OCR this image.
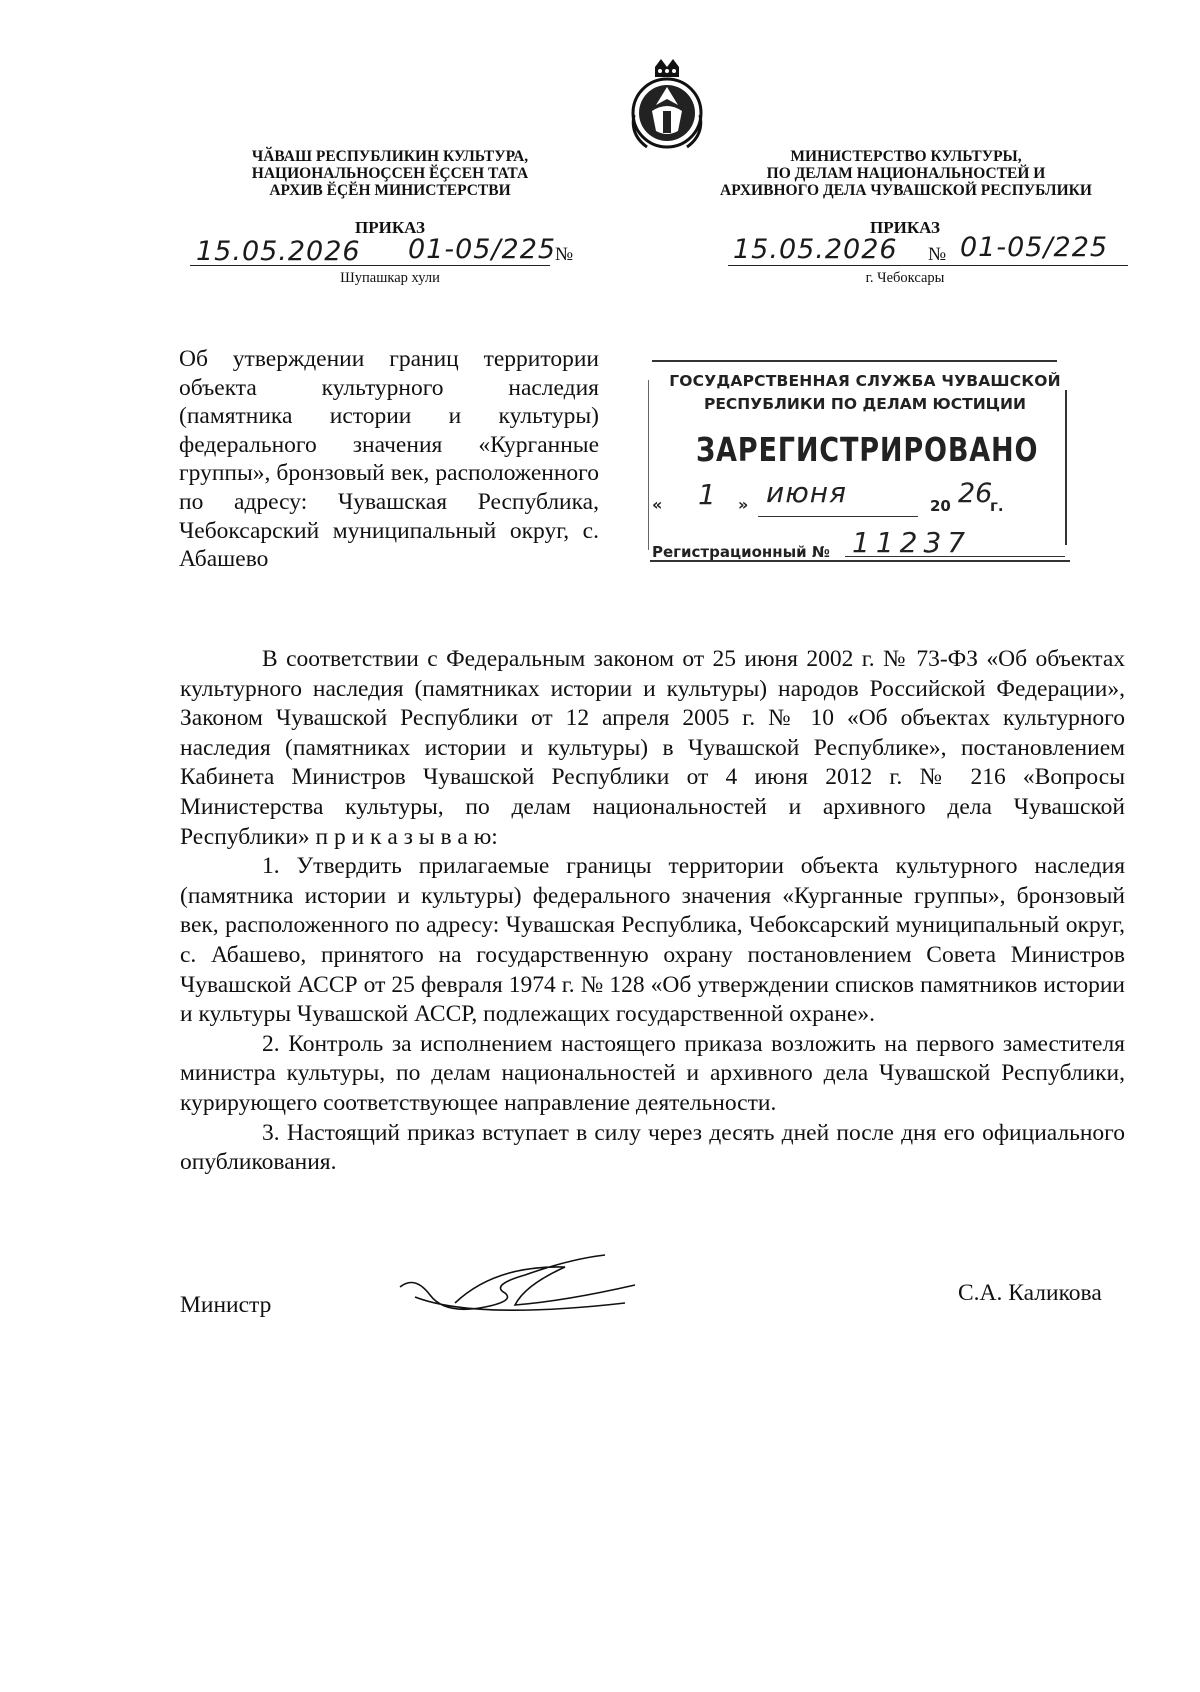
ЧӐВАШ РЕСПУБЛИКИН КУЛЬТУРА,
НАЦИОНАЛЬНОҪСЕН ӖҪСЕН ТАТА
АРХИВ ӖҪӖН МИНИСТЕРСТВИ
ПРИКАЗ
15.05.2026 01-05/225
№
Шупашкар хули
МИНИСТЕРСТВО КУЛЬТУРЫ,
ПО ДЕЛАМ НАЦИОНАЛЬНОСТЕЙ И
АРХИВНОГО ДЕЛА ЧУВАШСКОЙ РЕСПУБЛИКИ
ПРИКАЗ
15.05.2026 № 01-05/225
г. Чебоксары
Об утверждении границ территории объекта культурного наследия (памятника истории и культуры) федерального значения «Курганные группы», бронзовый век, расположенного по адресу: Чувашская Республика, Чебоксарский муниципальный округ, с. Абашево
ГОСУДАРСТВЕННАЯ СЛУЖБА ЧУВАШСКОЙ
РЕСПУБЛИКИ ПО ДЕЛАМ ЮСТИЦИИ
ЗАРЕГИСТРИРОВАНО
« 1 » июня	20 26
г.
Регистрационный № 11237

В соответствии с Федеральным законом от 25 июня 2002 г. № 73-ФЗ «Об объектах культурного наследия (памятниках истории и культуры) народов Российской Федерации», Законом Чувашской Республики от 12 апреля 2005 г. № 10 «Об объектах культурного наследия (памятниках истории и культуры) в Чувашской Республике», постановлением Кабинета Министров Чувашской Республики от 4 июня 2012 г. № 216 «Вопросы Министерства культуры, по делам национальностей и архивного дела Чувашской Республики» п р и к а з ы в а ю:

1. Утвердить прилагаемые границы территории объекта культурного наследия (памятника истории и культуры) федерального значения «Курганные группы», бронзовый век, расположенного по адресу: Чувашская Республика, Чебоксарский муниципальный округ, с. Абашево, принятого на государственную охрану постановлением Совета Министров Чувашской АССР от 25 февраля 1974 г. № 128 «Об утверждении списков памятников истории и культуры Чувашской АССР, подлежащих государственной охране».

2. Контроль за исполнением настоящего приказа возложить на первого заместителя министра культуры, по делам национальностей и архивного дела Чувашской Республики, курирующего соответствующее направление деятельности.

3. Настоящий приказ вступает в силу через десять дней после дня его официального опубликования.

Министр	С.А. Каликова
